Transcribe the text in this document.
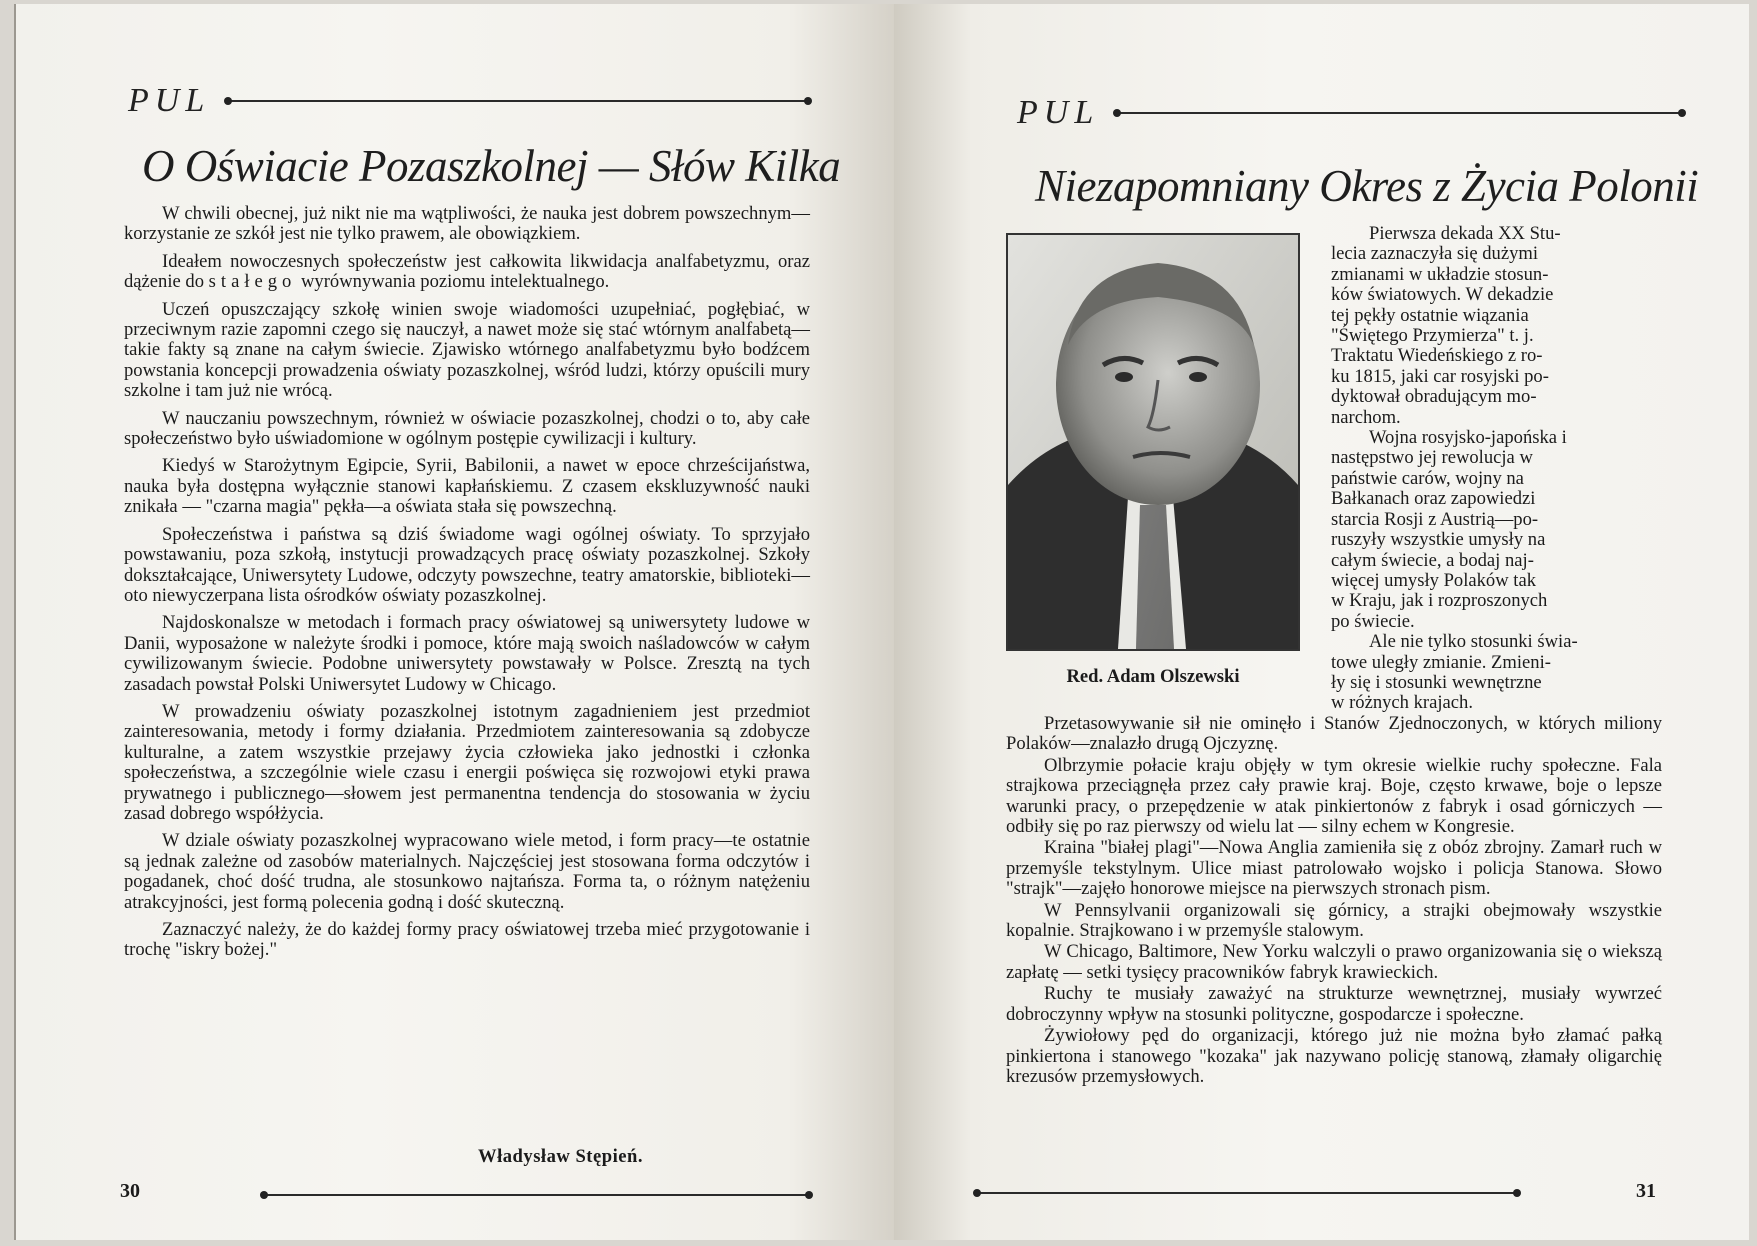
PUL
O Oświacie Pozaszkolnej — Słów Kilka

W chwili obecnej, już nikt nie ma wątpliwości, że nauka jest dobrem powszechnym—korzystanie ze szkół jest nie tylko prawem, ale obowiązkiem.

Ideałem nowoczesnych społeczeństw jest całkowita likwidacja analfabetyzmu, oraz dążenie do stałego wyrównywania poziomu intelektualnego.

Uczeń opuszczający szkołę winien swoje wiadomości uzupełniać, pogłębiać, w przeciwnym razie zapomni czego się nauczył, a nawet może się stać wtórnym analfabetą—takie fakty są znane na całym świecie. Zjawisko wtórnego analfabetyzmu było bodźcem powstania koncepcji prowadzenia oświaty pozaszkolnej, wśród ludzi, którzy opuścili mury szkolne i tam już nie wrócą.

W nauczaniu powszechnym, również w oświacie pozaszkolnej, chodzi o to, aby całe społeczeństwo było uświadomione w ogólnym postępie cywilizacji i kultury.

Kiedyś w Starożytnym Egipcie, Syrii, Babilonii, a nawet w epoce chrześcijaństwa, nauka była dostępna wyłącznie stanowi kapłańskiemu. Z czasem ekskluzywność nauki znikała — "czarna magia" pękła—a oświata stała się powszechną.

Społeczeństwa i państwa są dziś świadome wagi ogólnej oświaty. To sprzyjało powstawaniu, poza szkołą, instytucji prowadzących pracę oświaty pozaszkolnej. Szkoły dokształcające, Uniwersytety Ludowe, odczyty powszechne, teatry amatorskie, biblioteki—oto niewyczerpana lista ośrodków oświaty pozaszkolnej.

Najdoskonalsze w metodach i formach pracy oświatowej są uniwersytety ludowe w Danii, wyposażone w należyte środki i pomoce, które mają swoich naśladowców w całym cywilizowanym świecie. Podobne uniwersytety powstawały w Polsce. Zresztą na tych zasadach powstał Polski Uniwersytet Ludowy w Chicago.

W prowadzeniu oświaty pozaszkolnej istotnym zagadnieniem jest przedmiot zainteresowania, metody i formy działania. Przedmiotem zainteresowania są zdobycze kulturalne, a zatem wszystkie przejawy życia człowieka jako jednostki i członka społeczeństwa, a szczególnie wiele czasu i energii poświęca się rozwojowi etyki prawa prywatnego i publicznego—słowem jest permanentna tendencja do stosowania w życiu zasad dobrego współżycia.

W dziale oświaty pozaszkolnej wypracowano wiele metod, i form pracy—te ostatnie są jednak zależne od zasobów materialnych. Najczęściej jest stosowana forma odczytów i pogadanek, choć dość trudna, ale stosunkowo najtańsza. Forma ta, o różnym natężeniu atrakcyjności, jest formą polecenia godną i dość skuteczną.

Zaznaczyć należy, że do każdej formy pracy oświatowej trzeba mieć przygotowanie i trochę "iskry bożej."

Władysław Stępień.
30
PUL
Niezapomniany Okres z Życia Polonii
Red. Adam Olszewski
Pierwsza dekada XX Stu-
lecia zaznaczyła się dużymi
zmianami w układzie stosun-
ków światowych. W dekadzie
tej pękły ostatnie wiązania
"Świętego Przymierza" t. j.
Traktatu Wiedeńskiego z ro-
ku 1815, jaki car rosyjski po-
dyktował obradującym mo-
narchom.
Wojna rosyjsko-japońska i
następstwo jej rewolucja w
państwie carów, wojny na
Bałkanach oraz zapowiedzi
starcia Rosji z Austrią—po-
ruszyły wszystkie umysły na
całym świecie, a bodaj naj-
więcej umysły Polaków tak
w Kraju, jak i rozproszonych
po świecie.
Ale nie tylko stosunki świa-
towe uległy zmianie. Zmieni-
ły się i stosunki wewnętrzne
w różnych krajach.

Przetasowywanie sił nie ominęło i Stanów Zjednoczonych, w których miliony Polaków—znalazło drugą Ojczyznę.

Olbrzymie połacie kraju objęły w tym okresie wielkie ruchy społeczne. Fala strajkowa przeciągnęła przez cały prawie kraj. Boje, często krwawe, boje o lepsze warunki pracy, o przepędzenie w atak pinkiertonów z fabryk i osad górniczych — odbiły się po raz pierwszy od wielu lat — silny echem w Kongresie.

Kraina "białej plagi"—Nowa Anglia zamieniła się z obóz zbrojny. Zamarł ruch w przemyśle tekstylnym. Ulice miast patrolowało wojsko i policja Stanowa. Słowo "strajk"—zajęło honorowe miejsce na pierwszych stronach pism.

W Pennsylvanii organizowali się górnicy, a strajki obejmowały wszystkie kopalnie. Strajkowano i w przemyśle stalowym.

W Chicago, Baltimore, New Yorku walczyli o prawo organizowania się o wiekszą zapłatę — setki tysięcy pracowników fabryk krawieckich.

Ruchy te musiały zaważyć na strukturze wewnętrznej, musiały wywrzeć dobroczynny wpływ na stosunki polityczne, gospodarcze i społeczne.

Żywiołowy pęd do organizacji, którego już nie można było złamać pałką pinkiertona i stanowego "kozaka" jak nazywano policję stanową, złamały oligarchię krezusów przemysłowych.

31
